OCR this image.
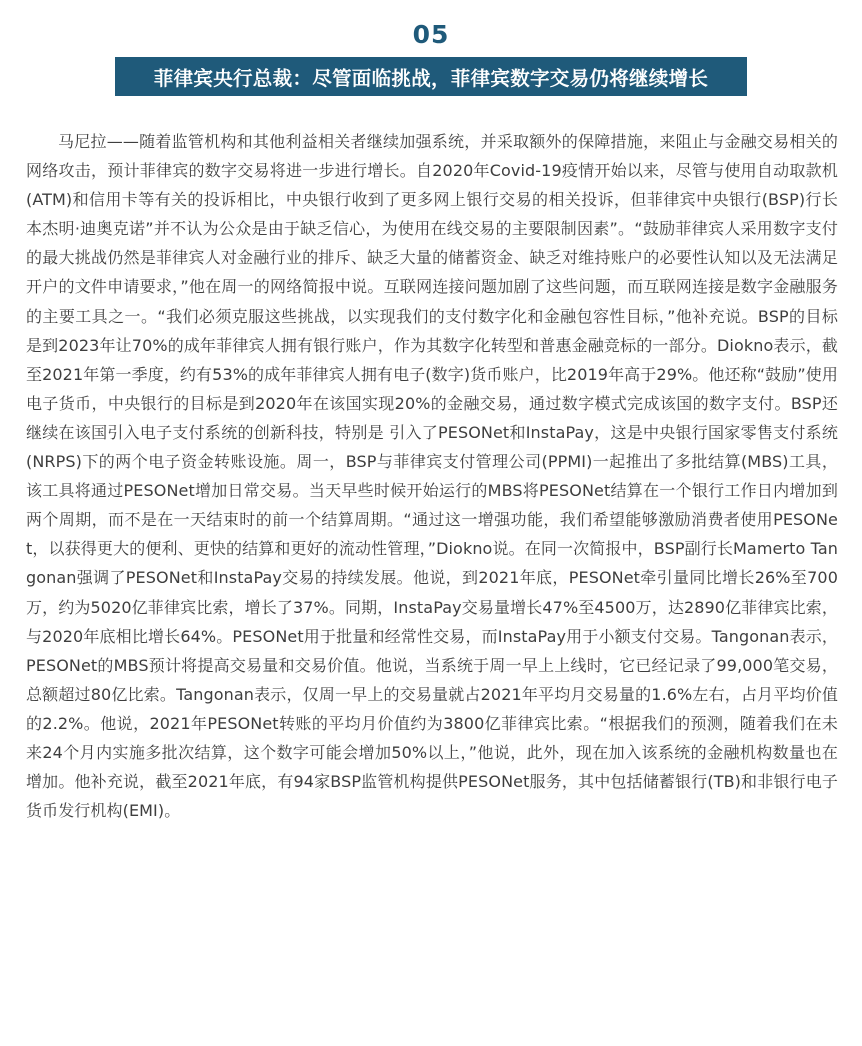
05
菲律宾央行总裁：尽管面临挑战，菲律宾数字交易仍将继续增长

马尼拉——随着监管机构和其他利益相关者继续加强系统，并采取额外的保障措施，来阻止与金融交易相关的网络攻击，预计菲律宾的数字交易将进一步进行增长。自2020年Covid-19疫情开始以来，尽管与使用自动取款机(ATM)和信用卡等有关的投诉相比，中央银行收到了更多网上银行交易的相关投诉，但菲律宾中央银行(BSP)行长本杰明·迪奥克诺”并不认为公众是由于缺乏信心，为使用在线交易的主要限制因素”。“鼓励菲律宾人采用数字支付的最大挑战仍然是菲律宾人对金融行业的排斥、缺乏大量的储蓄资金、缺乏对维持账户的必要性认知以及无法满足开户的文件申请要求，”他在周一的网络简报中说。互联网连接问题加剧了这些问题，而互联网连接是数字金融服务的主要工具之一。“我们必须克服这些挑战，以实现我们的支付数字化和金融包容性目标，”他补充说。BSP的目标是到2023年让70%的成年菲律宾人拥有银行账户，作为其数字化转型和普惠金融竞标的一部分。Diokno表示，截至2021年第一季度，约有53%的成年菲律宾人拥有电子(数字)货币账户，比2019年高于29%。他还称“鼓励”使用电子货币，中央银行的目标是到2020年在该国实现20%的金融交易，通过数字模式完成该国的数字支付。BSP还继续在该国引入电子支付系统的创新科技，特别是 引入了PESONet和InstaPay，这是中央银行国家零售支付系统(NRPS)下的两个电子资金转账设施。周一，BSP与菲律宾支付管理公司(PPMI)一起推出了多批结算(MBS)工具，该工具将通过PESONet增加日常交易。当天早些时候开始运行的MBS将PESONet结算在一个银行工作日内增加到两个周期，而不是在一天结束时的前一个结算周期。“通过这一增强功能，我们希望能够激励消费者使用PESONet，以获得更大的便利、更快的结算和更好的流动性管理，”Diokno说。在同一次简报中，BSP副行长Mamerto Tangonan强调了PESONet和InstaPay交易的持续发展。他说，到2021年底，PESONet牵引量同比增长26%至700万，约为5020亿菲律宾比索，增长了37%。同期，InstaPay交易量增长47%至4500万，达2890亿菲律宾比索，与2020年底相比增长64%。PESONet用于批量和经常性交易，而InstaPay用于小额支付交易。Tangonan表示，PESONet的MBS预计将提高交易量和交易价值。他说，当系统于周一早上上线时，它已经记录了99,000笔交易，总额超过80亿比索。Tangonan表示，仅周一早上的交易量就占2021年平均月交易量的1.6%左右，占月平均价值的2.2%。他说，2021年PESONet转账的平均月价值约为3800亿菲律宾比索。“根据我们的预测，随着我们在未来24个月内实施多批次结算，这个数字可能会增加50%以上，”他说，此外，现在加入该系统的金融机构数量也在增加。他补充说，截至2021年底，有94家BSP监管机构提供PESONet服务，其中包括储蓄银行(TB)和非银行电子货币发行机构(EMI)。
